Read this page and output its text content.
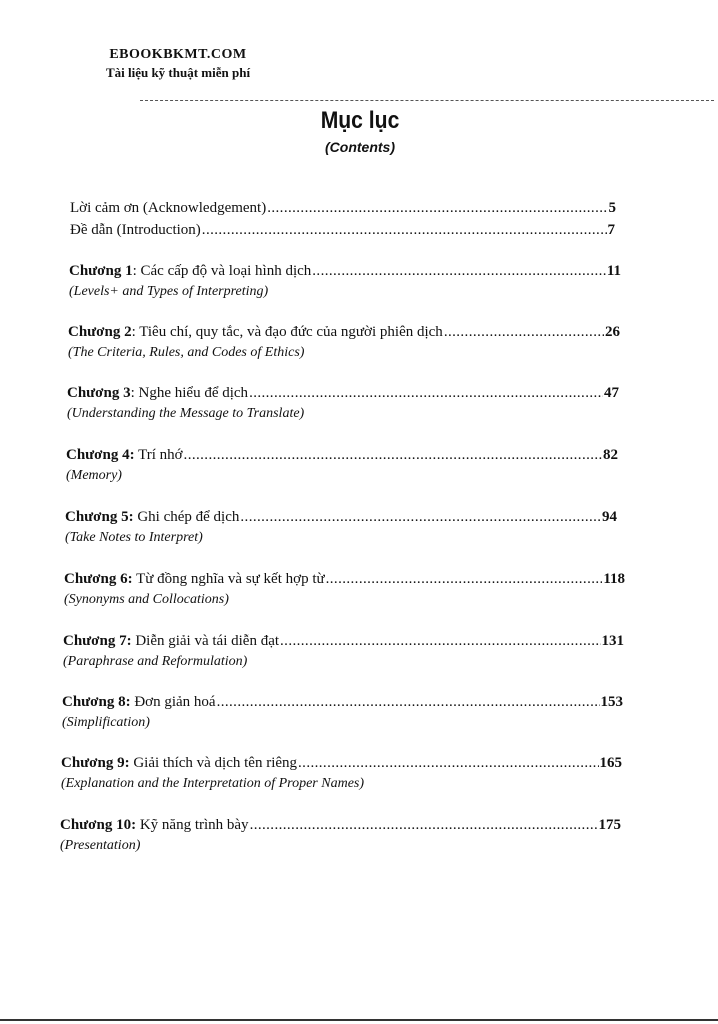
EBOOKBKMT.COM
Tài liệu kỹ thuật miễn phí
Mục lục
(Contents)
Lời cảm ơn (Acknowledgement) .....	5
Đề dẫn (Introduction) .....	7
Chương 1: Các cấp độ và loại hình dịch .....	11
(Levels+ and Types of Interpreting)
Chương 2: Tiêu chí, quy tắc, và đạo đức của người phiên dịch .....	26
(The Criteria, Rules, and Codes of Ethics)
Chương 3: Nghe hiểu để dịch .....	47
(Understanding the Message to Translate)
Chương 4: Trí nhớ .....	82
(Memory)
Chương 5: Ghi chép để dịch .....	94
(Take Notes to Interpret)
Chương 6: Từ đồng nghĩa và sự kết hợp từ .....	118
(Synonyms and Collocations)
Chương 7: Diễn giải và tái diễn đạt .....	131
(Paraphrase and Reformulation)
Chương 8: Đơn giản hoá .....	153
(Simplification)
Chương 9: Giải thích và dịch tên riêng .....	165
(Explanation and the Interpretation of Proper Names)
Chương 10: Kỹ năng trình bày .....	175
(Presentation)
